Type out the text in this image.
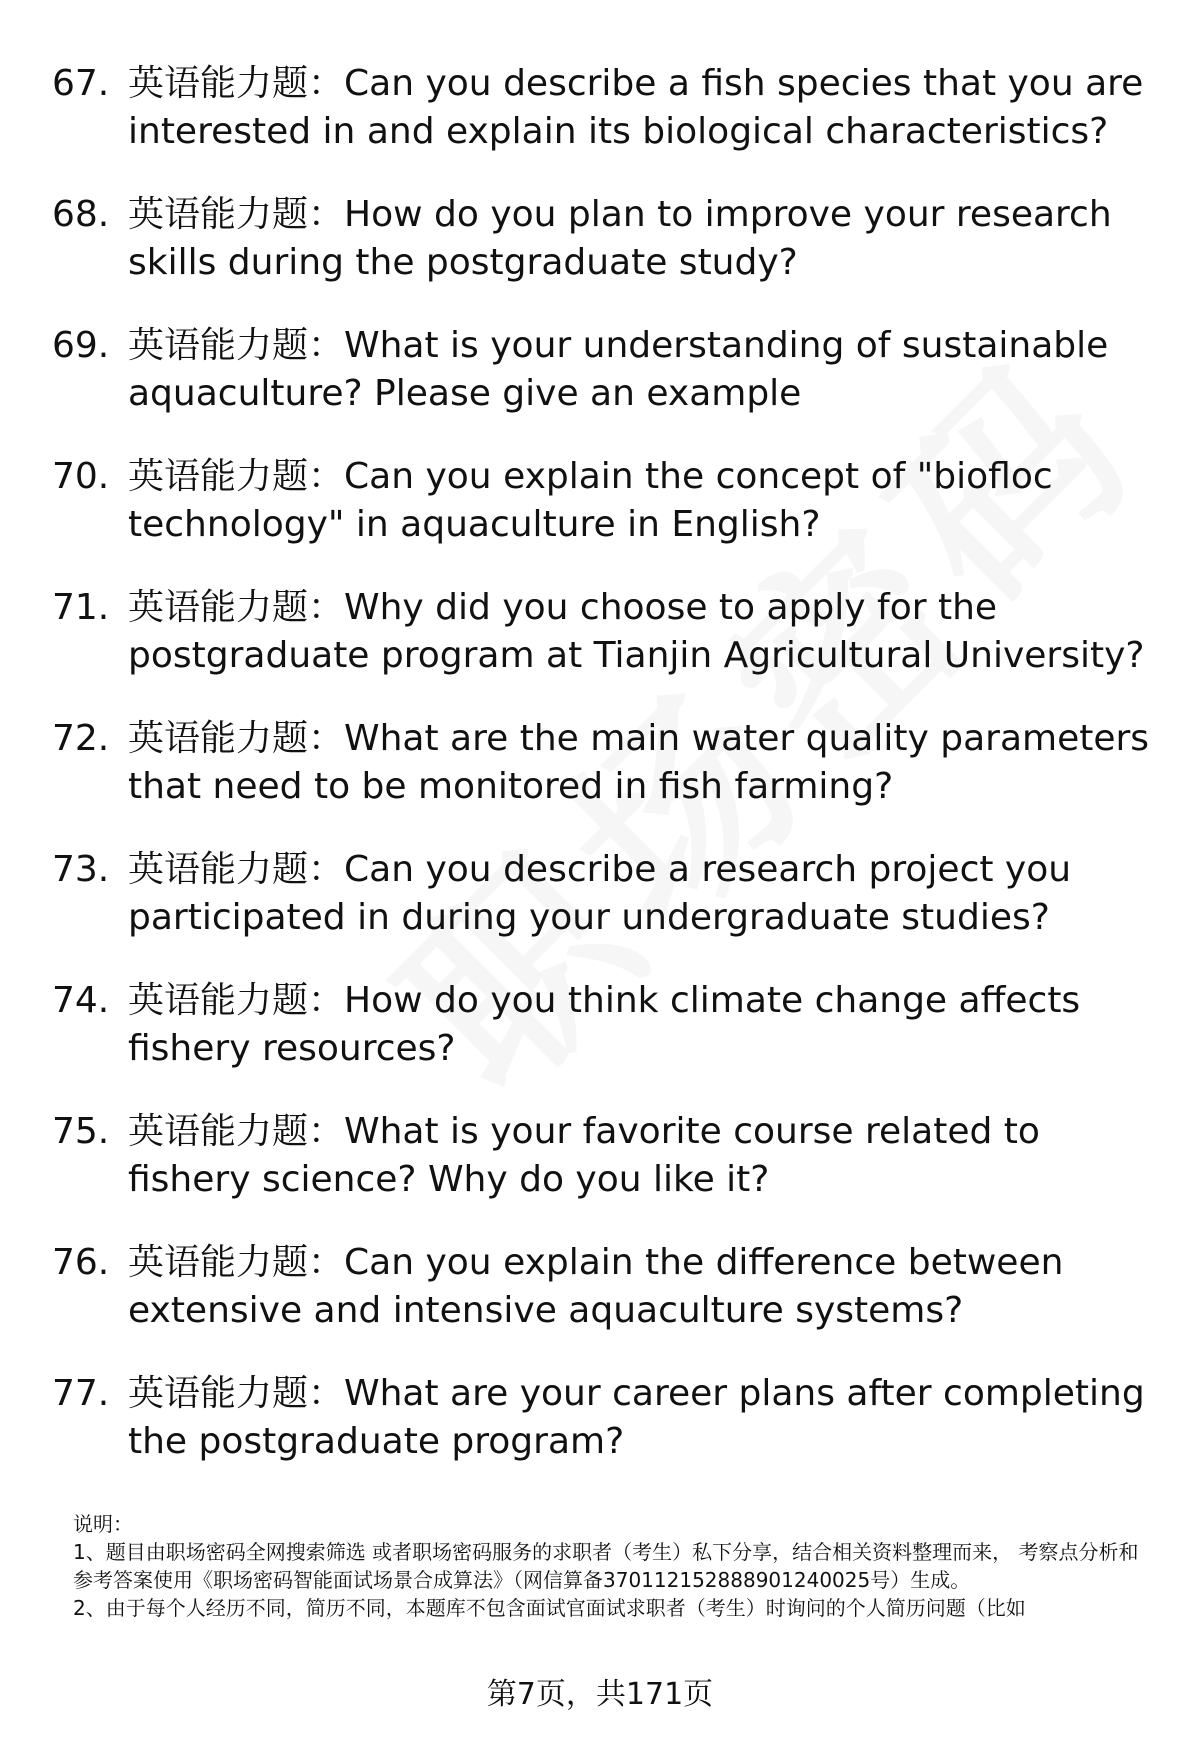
67. 英语能力题：Can you describe a fish species that you are interested in and explain its biological characteristics?
68. 英语能力题：How do you plan to improve your research skills during the postgraduate study?
69. 英语能力题：What is your understanding of sustainable aquaculture? Please give an example
70. 英语能力题：Can you explain the concept of "biofloc technology" in aquaculture in English?
71. 英语能力题：Why did you choose to apply for the postgraduate program at Tianjin Agricultural University?
72. 英语能力题：What are the main water quality parameters that need to be monitored in fish farming?
73. 英语能力题：Can you describe a research project you participated in during your undergraduate studies?
74. 英语能力题：How do you think climate change affects fishery resources?
75. 英语能力题：What is your favorite course related to fishery science? Why do you like it?
76. 英语能力题：Can you explain the difference between extensive and intensive aquaculture systems?
77. 英语能力题：What are your career plans after completing the postgraduate program?

说明：

1、题目由职场密码全网搜索筛选 或者职场密码服务的求职者（考生）私下分享，结合相关资料整理而来， 考察点分析和参考答案使用《职场密码智能面试场景合成算法》（网信算备370112152888901240025号）生成。

2、由于每个人经历不同，简历不同，本题库不包含面试官面试求职者（考生）时询问的个人简历问题（比如

第7页，共171页
